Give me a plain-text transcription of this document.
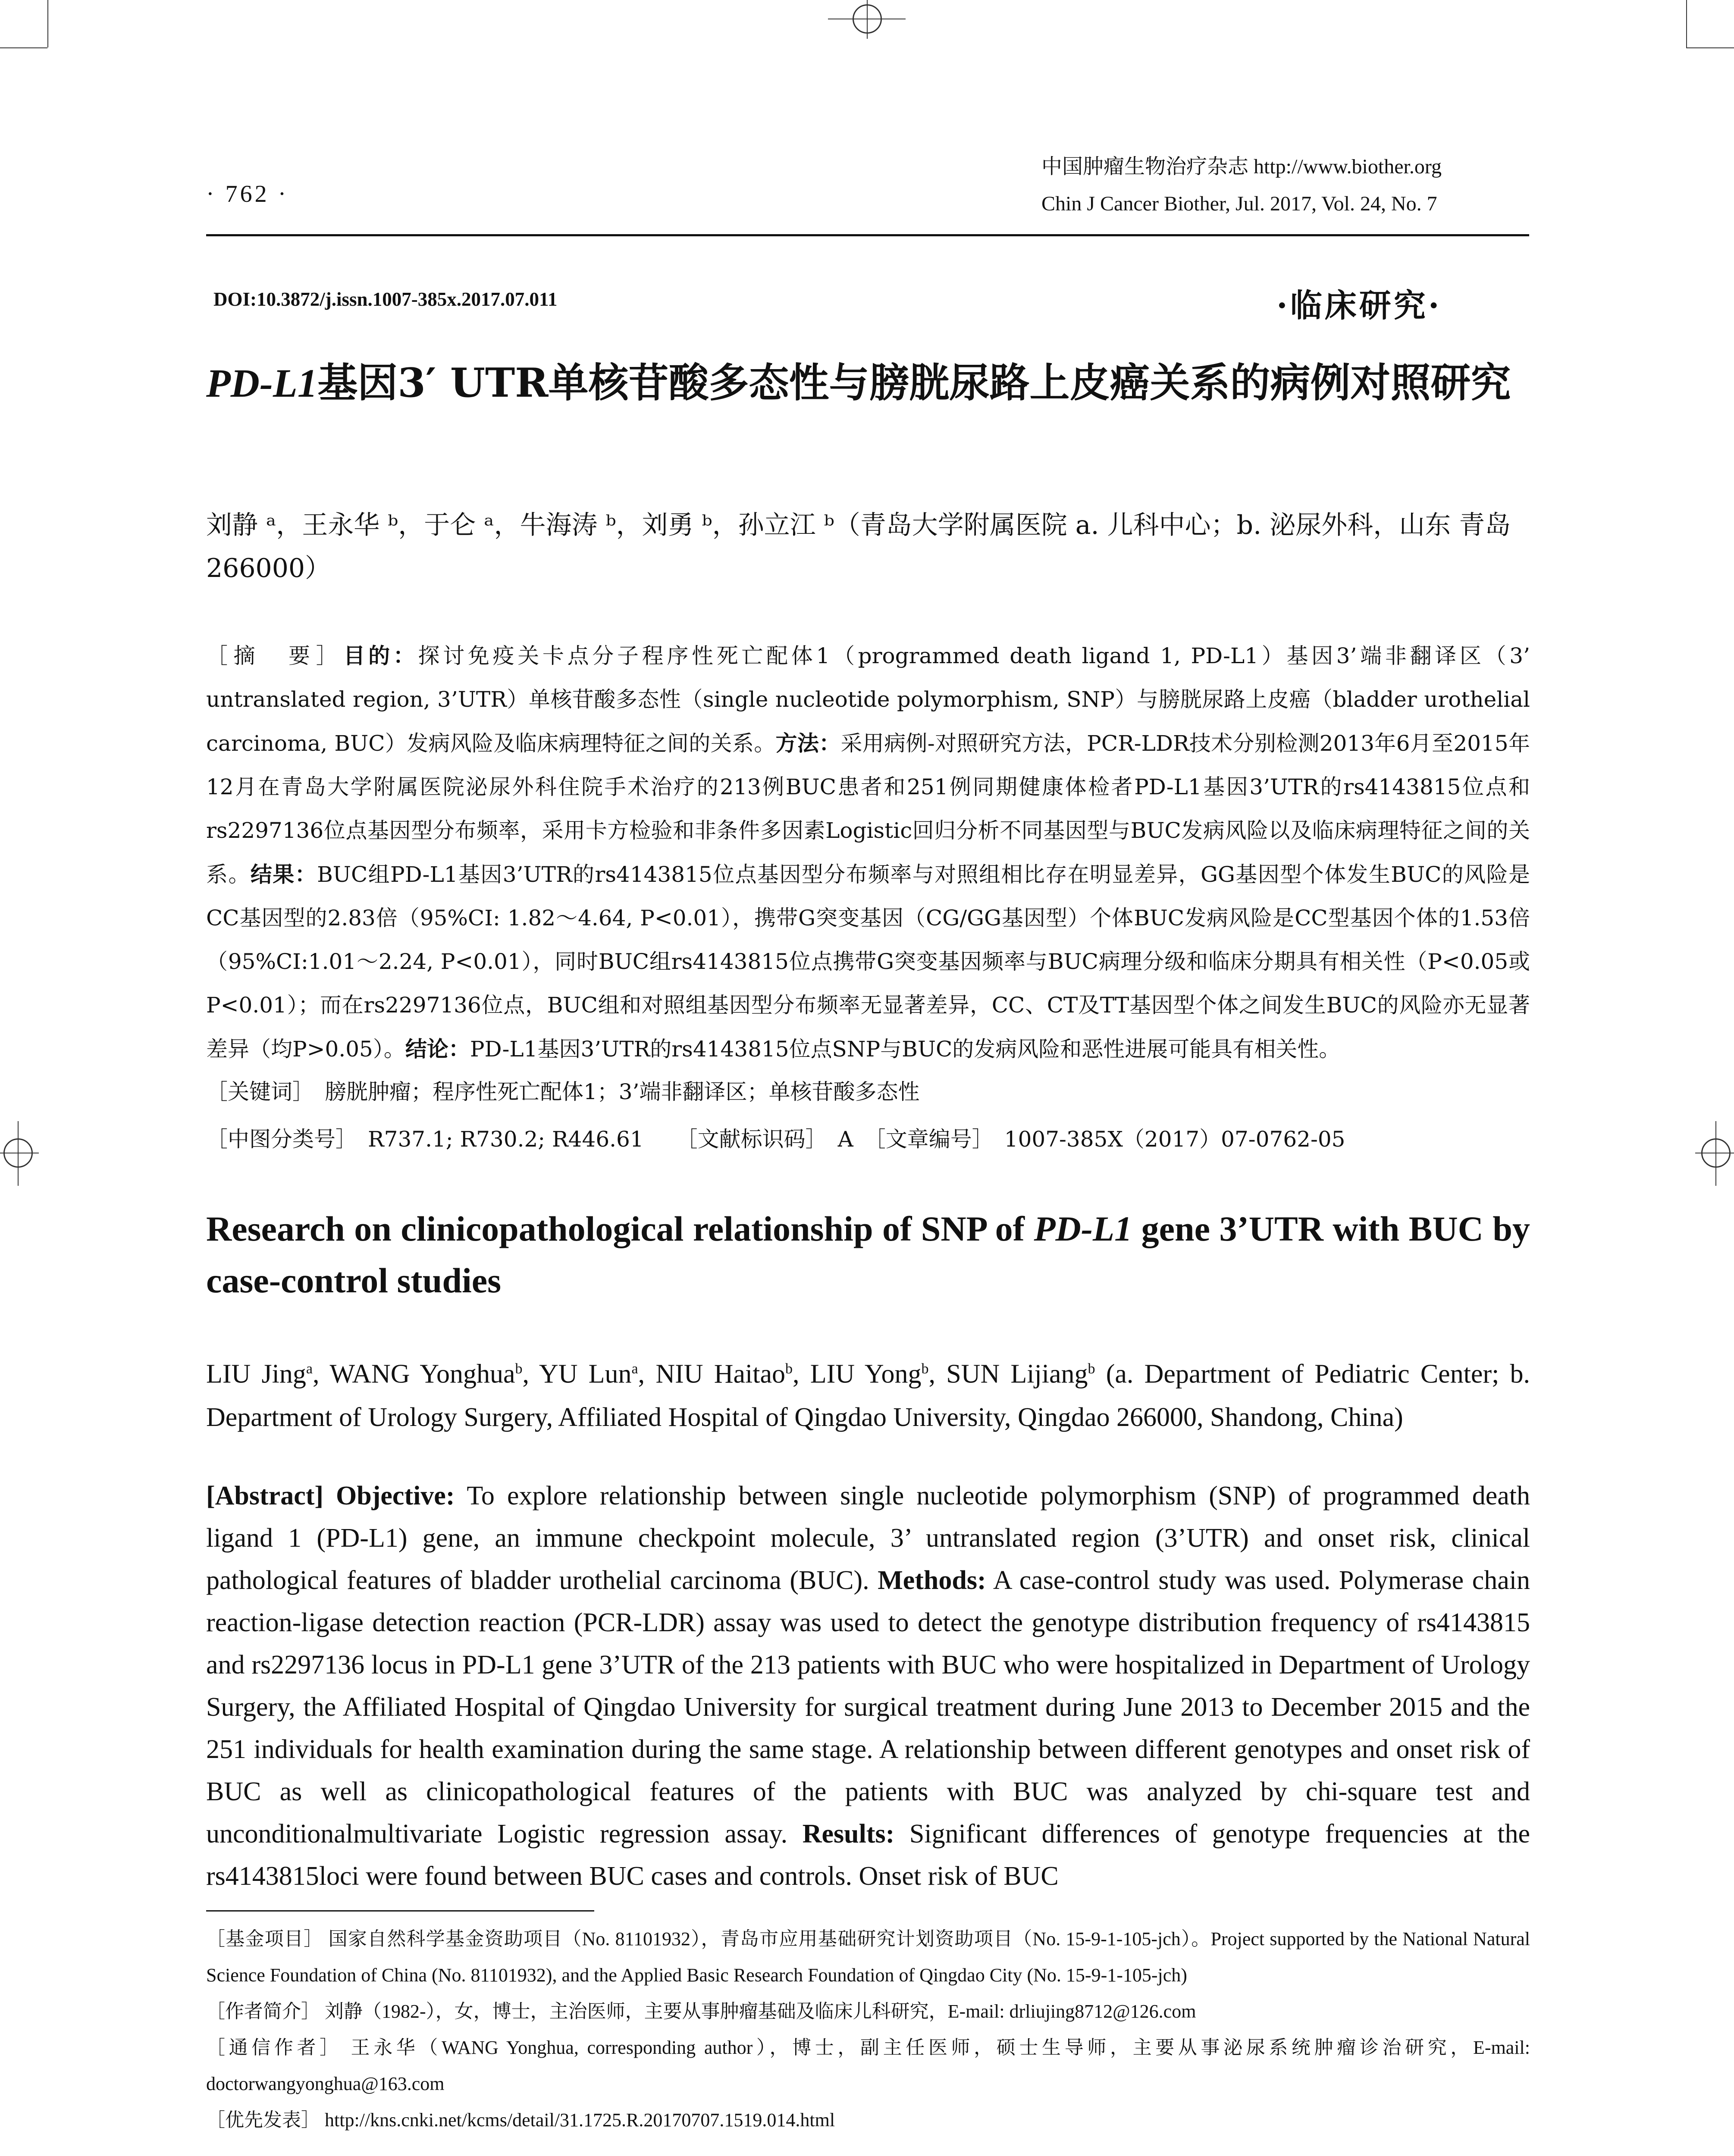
· 762 ·
中国肿瘤生物治疗杂志 http://www.biother.org
Chin J Cancer Biother, Jul. 2017, Vol. 24, No. 7
DOI:10.3872/j.issn.1007-385x.2017.07.011	·临床研究·
PD-L1基因3′ UTR单核苷酸多态性与膀胱尿路上皮癌关系的病例对照研究
刘静 ᵃ，王永华 ᵇ，于仑 ᵃ，牛海涛 ᵇ，刘勇 ᵇ，孙立江 ᵇ（青岛大学附属医院 a. 儿科中心；b. 泌尿外科，山东 青岛 266000）
［摘　要］目的：探讨免疫关卡点分子程序性死亡配体1（programmed death ligand 1, PD-L1）基因3’端非翻译区（3’ untranslated region, 3’UTR）单核苷酸多态性（single nucleotide polymorphism, SNP）与膀胱尿路上皮癌（bladder urothelial carcinoma, BUC）发病风险及临床病理特征之间的关系。方法：采用病例-对照研究方法，PCR-LDR技术分别检测2013年6月至2015年12月在青岛大学附属医院泌尿外科住院手术治疗的213例BUC患者和251例同期健康体检者PD-L1基因3’UTR的rs4143815位点和rs2297136位点基因型分布频率，采用卡方检验和非条件多因素Logistic回归分析不同基因型与BUC发病风险以及临床病理特征之间的关系。结果：BUC组PD-L1基因3’UTR的rs4143815位点基因型分布频率与对照组相比存在明显差异，GG基因型个体发生BUC的风险是CC基因型的2.83倍（95%CI: 1.82～4.64, P<0.01），携带G突变基因（CG/GG基因型）个体BUC发病风险是CC型基因个体的1.53倍（95%CI:1.01～2.24, P<0.01），同时BUC组rs4143815位点携带G突变基因频率与BUC病理分级和临床分期具有相关性（P<0.05或P<0.01）；而在rs2297136位点，BUC组和对照组基因型分布频率无显著差异，CC、CT及TT基因型个体之间发生BUC的风险亦无显著差异（均P>0.05）。结论：PD-L1基因3’UTR的rs4143815位点SNP与BUC的发病风险和恶性进展可能具有相关性。
［关键词］　 膀胱肿瘤；程序性死亡配体1；3’端非翻译区；单核苷酸多态性
［中图分类号］　 R737.1; R730.2; R446.61　　 ［文献标识码］　 A　 ［文章编号］　 1007-385X（2017）07-0762-05
Research on clinicopathological relationship of SNP of PD-L1 gene 3’UTR with BUC by case-control studies
LIU Jing$^a$, WANG Yonghua$^b$, YU Lun$^a$, NIU Haitao$^b$, LIU Yong$^b$, SUN Lijiang$^b$ (a. Department of Pediatric Center; b. Department of Urology Surgery, Affiliated Hospital of Qingdao University, Qingdao 266000, Shandong, China)
[Abstract] Objective: To explore relationship between single nucleotide polymorphism (SNP) of programmed death ligand 1 (PD-L1) gene, an immune checkpoint molecule, 3’ untranslated region (3’UTR) and onset risk, clinical pathological features of bladder urothelial carcinoma (BUC). Methods: A case-control study was used. Polymerase chain reaction-ligase detection reaction (PCR-LDR) assay was used to detect the genotype distribution frequency of rs4143815 and rs2297136 locus in PD-L1 gene 3’UTR of the 213 patients with BUC who were hospitalized in Department of Urology Surgery, the Affiliated Hospital of Qingdao University for surgical treatment during June 2013 to December 2015 and the 251 individuals for health examination during the same stage. A relationship between different genotypes and onset risk of BUC as well as clinicopathological features of the patients with BUC was analyzed by chi-square test and unconditionalmultivariate Logistic regression assay. Results: Significant differences of genotype frequencies at the rs4143815loci were found between BUC cases and controls. Onset risk of BUC
［基金项目］ 国家自然科学基金资助项目（No. 81101932），青岛市应用基础研究计划资助项目（No. 15-9-1-105-jch）。Project supported by the National Natural Science Foundation of China (No. 81101932), and the Applied Basic Research Foundation of Qingdao City (No. 15-9-1-105-jch)
［作者简介］ 刘静（1982-），女，博士，主治医师，主要从事肿瘤基础及临床儿科研究，E-mail: drliujing8712@126.com
［通信作者］ 王永华（WANG Yonghua, corresponding author），博士，副主任医师，硕士生导师，主要从事泌尿系统肿瘤诊治研究，E-mail: doctorwangyonghua@163.com
［优先发表］ http://kns.cnki.net/kcms/detail/31.1725.R.20170707.1519.014.html
